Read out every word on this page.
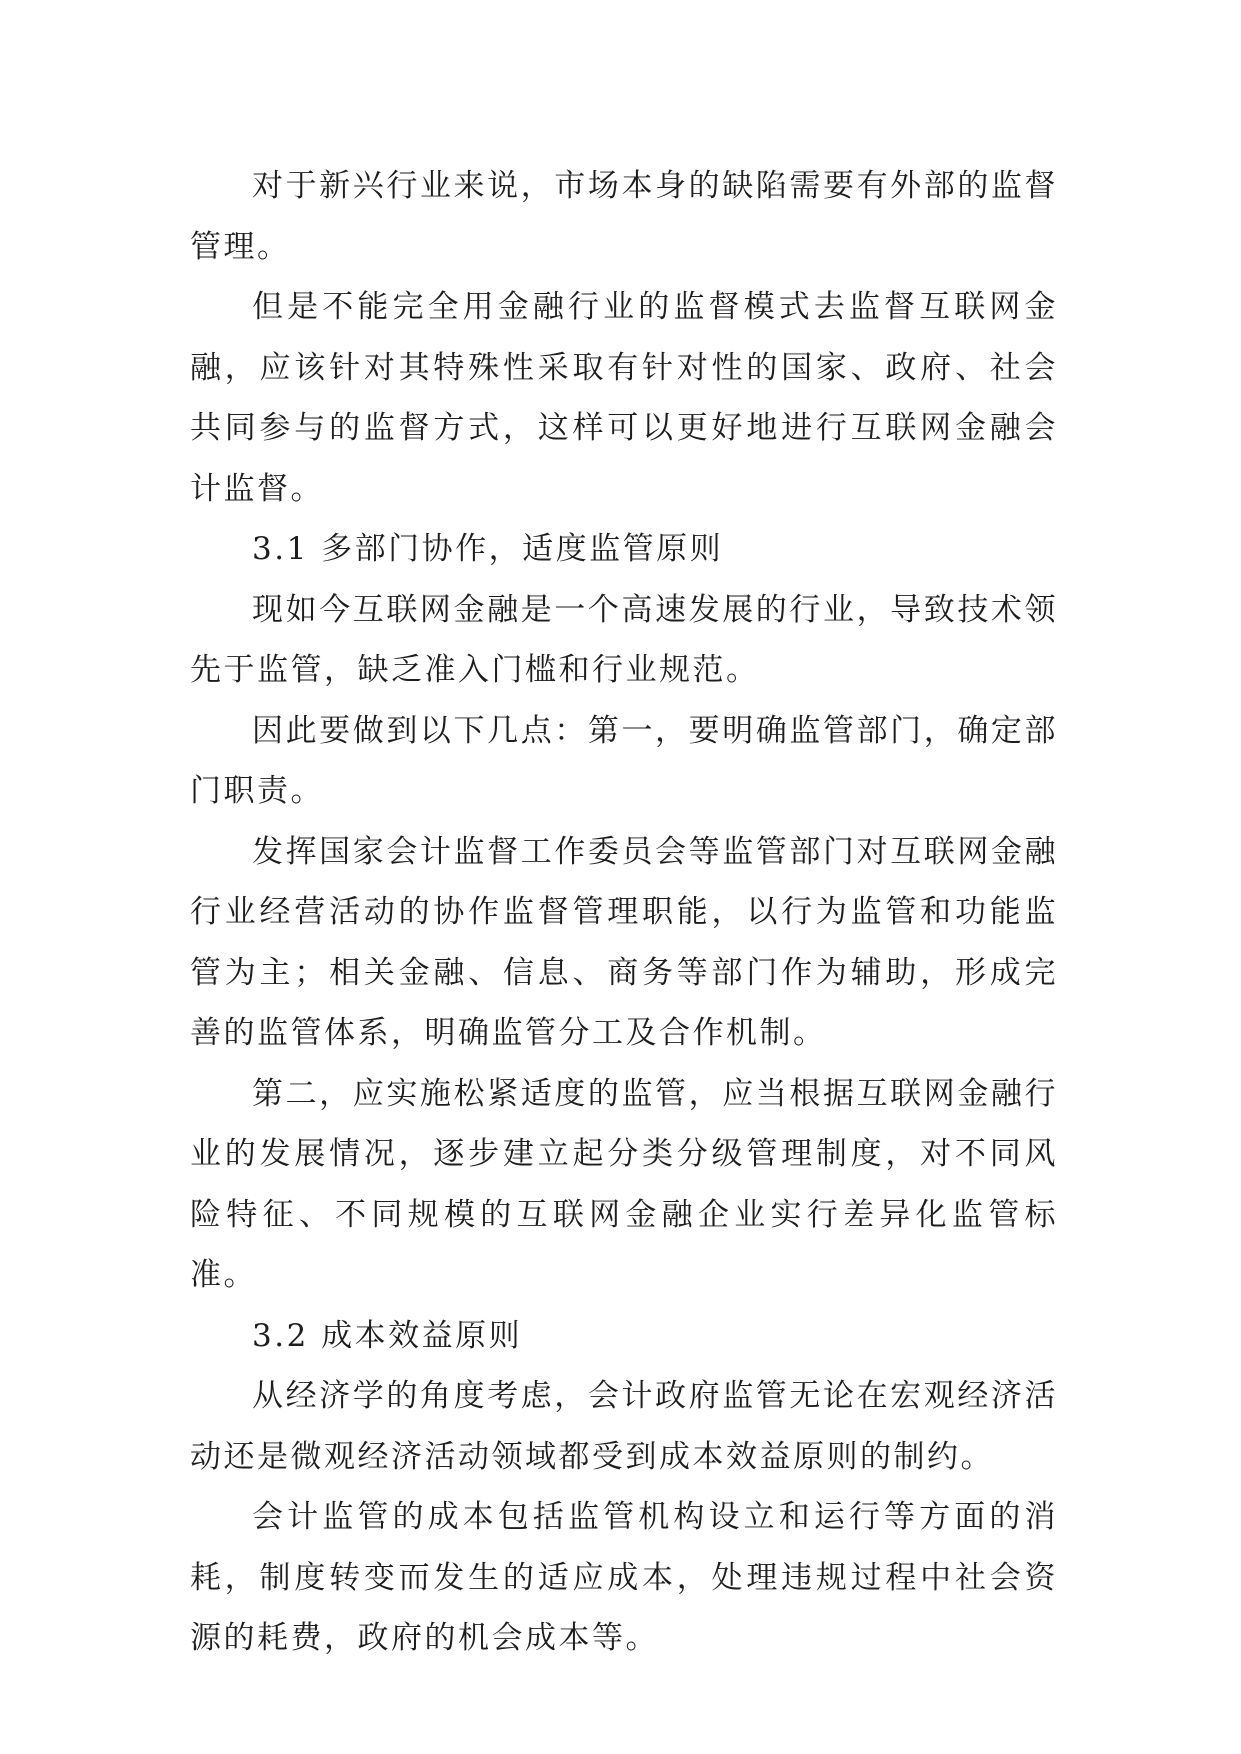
对于新兴行业来说，市场本身的缺陷需要有外部的监督管理。

但是不能完全用金融行业的监督模式去监督互联网金融，应该针对其特殊性采取有针对性的国家、政府、社会共同参与的监督方式，这样可以更好地进行互联网金融会计监督。

3.1 多部门协作，适度监管原则

现如今互联网金融是一个高速发展的行业，导致技术领先于监管，缺乏准入门槛和行业规范。

因此要做到以下几点：第一，要明确监管部门，确定部门职责。

发挥国家会计监督工作委员会等监管部门对互联网金融行业经营活动的协作监督管理职能，以行为监管和功能监管为主；相关金融、信息、商务等部门作为辅助，形成完善的监管体系，明确监管分工及合作机制。

第二，应实施松紧适度的监管，应当根据互联网金融行业的发展情况，逐步建立起分类分级管理制度，对不同风险特征、不同规模的互联网金融企业实行差异化监管标准。

3.2 成本效益原则

从经济学的角度考虑，会计政府监管无论在宏观经济活动还是微观经济活动领域都受到成本效益原则的制约。

会计监管的成本包括监管机构设立和运行等方面的消耗，制度转变而发生的适应成本，处理违规过程中社会资源的耗费，政府的机会成本等。
